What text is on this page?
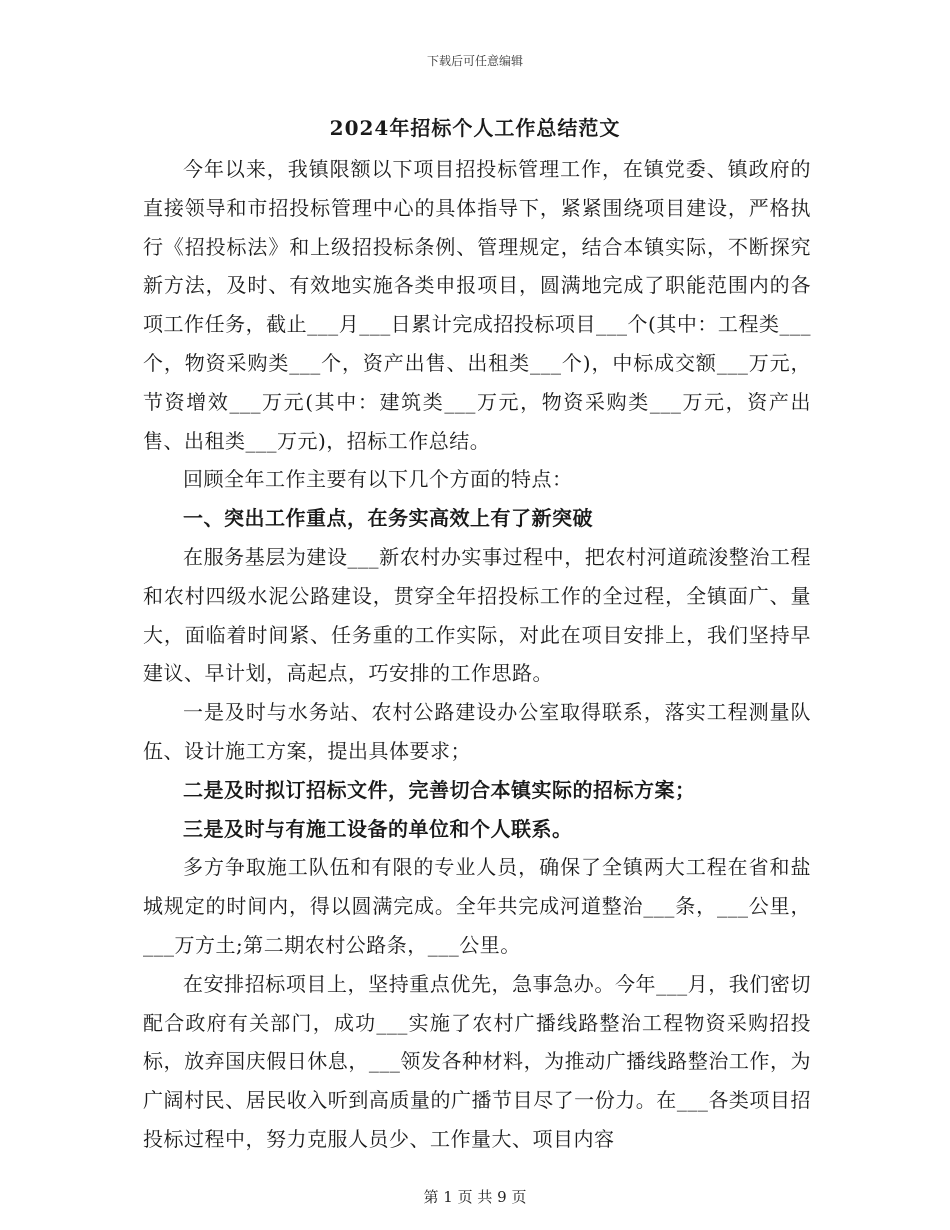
下载后可任意编辑
2024年招标个人工作总结范文

今年以来，我镇限额以下项目招投标管理工作，在镇党委、镇政府的直接领导和市招投标管理中心的具体指导下，紧紧围绕项目建设，严格执行《招投标法》和上级招投标条例、管理规定，结合本镇实际，不断探究新方法，及时、有效地实施各类申报项目，圆满地完成了职能范围内的各项工作任务，截止___月___日累计完成招投标项目___个(其中：工程类___个，物资采购类___个，资产出售、出租类___个)，中标成交额___万元，节资增效___万元(其中：建筑类___万元，物资采购类___万元，资产出售、出租类___万元)，招标工作总结。

回顾全年工作主要有以下几个方面的特点：

一、突出工作重点，在务实高效上有了新突破

在服务基层为建设___新农村办实事过程中，把农村河道疏浚整治工程和农村四级水泥公路建设，贯穿全年招投标工作的全过程，全镇面广、量大，面临着时间紧、任务重的工作实际，对此在项目安排上，我们坚持早建议、早计划，高起点，巧安排的工作思路。

一是及时与水务站、农村公路建设办公室取得联系，落实工程测量队伍、设计施工方案，提出具体要求；

二是及时拟订招标文件，完善切合本镇实际的招标方案；

三是及时与有施工设备的单位和个人联系。

多方争取施工队伍和有限的专业人员，确保了全镇两大工程在省和盐城规定的时间内，得以圆满完成。全年共完成河道整治___条，___公里，___万方土;第二期农村公路条，___公里。

在安排招标项目上，坚持重点优先，急事急办。今年___月，我们密切配合政府有关部门，成功___实施了农村广播线路整治工程物资采购招投标，放弃国庆假日休息，___领发各种材料，为推动广播线路整治工作，为广阔村民、居民收入听到高质量的广播节目尽了一份力。在___各类项目招投标过程中，努力克服人员少、工作量大、项目内容

第 1 页 共 9 页
